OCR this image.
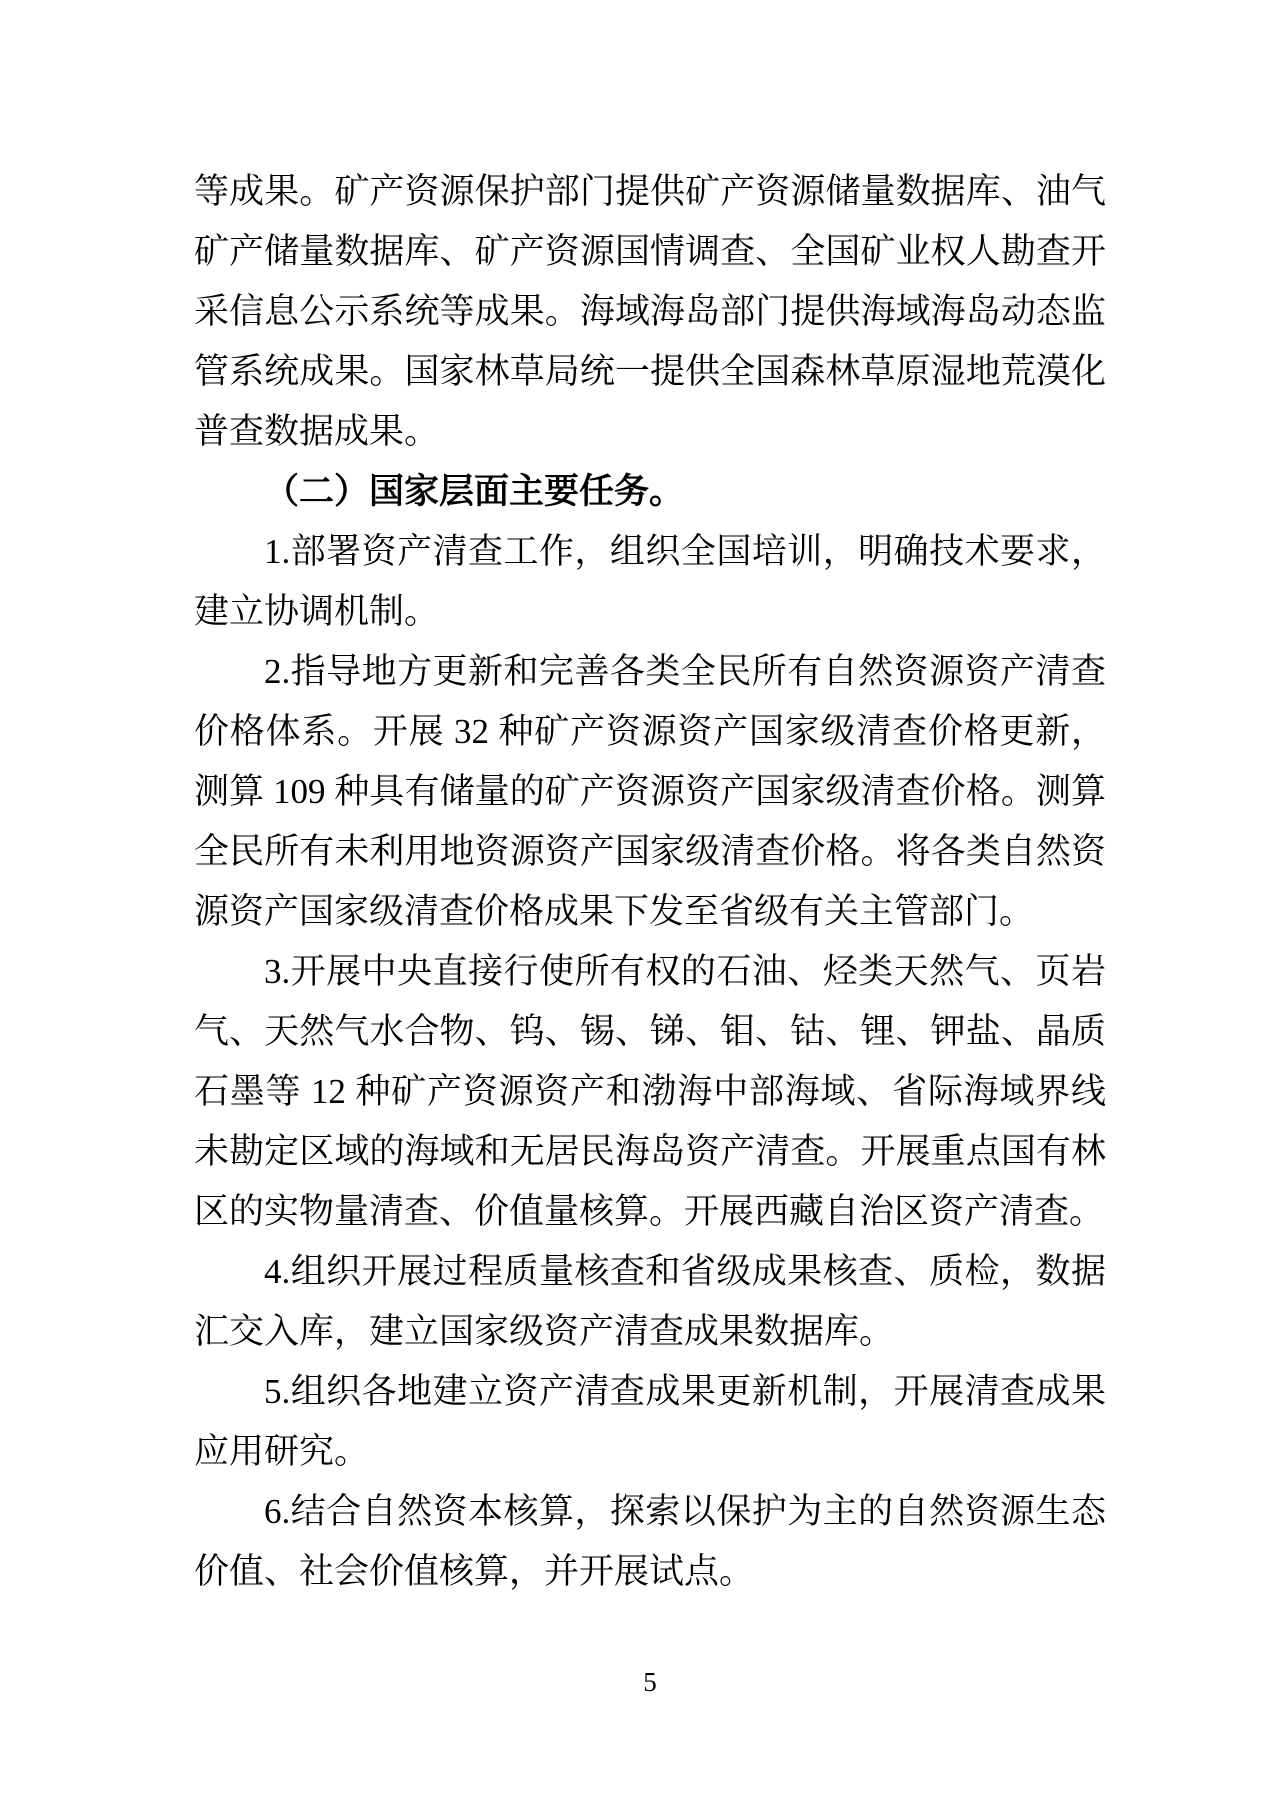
等成果。矿产资源保护部门提供矿产资源储量数据库、油气矿产储量数据库、矿产资源国情调查、全国矿业权人勘查开采信息公示系统等成果。海域海岛部门提供海域海岛动态监管系统成果。国家林草局统一提供全国森林草原湿地荒漠化普查数据成果。

（二）国家层面主要任务。

1.部署资产清查工作，组织全国培训，明确技术要求，建立协调机制。

2.指导地方更新和完善各类全民所有自然资源资产清查价格体系。开展 32 种矿产资源资产国家级清查价格更新，测算 109 种具有储量的矿产资源资产国家级清查价格。测算全民所有未利用地资源资产国家级清查价格。将各类自然资源资产国家级清查价格成果下发至省级有关主管部门。

3.开展中央直接行使所有权的石油、烃类天然气、页岩气、天然气水合物、钨、锡、锑、钼、钴、锂、钾盐、晶质石墨等 12 种矿产资源资产和渤海中部海域、省际海域界线未勘定区域的海域和无居民海岛资产清查。开展重点国有林区的实物量清查、价值量核算。开展西藏自治区资产清查。

4.组织开展过程质量核查和省级成果核查、质检，数据汇交入库，建立国家级资产清查成果数据库。

5.组织各地建立资产清查成果更新机制，开展清查成果应用研究。

6.结合自然资本核算，探索以保护为主的自然资源生态价值、社会价值核算，并开展试点。

5
